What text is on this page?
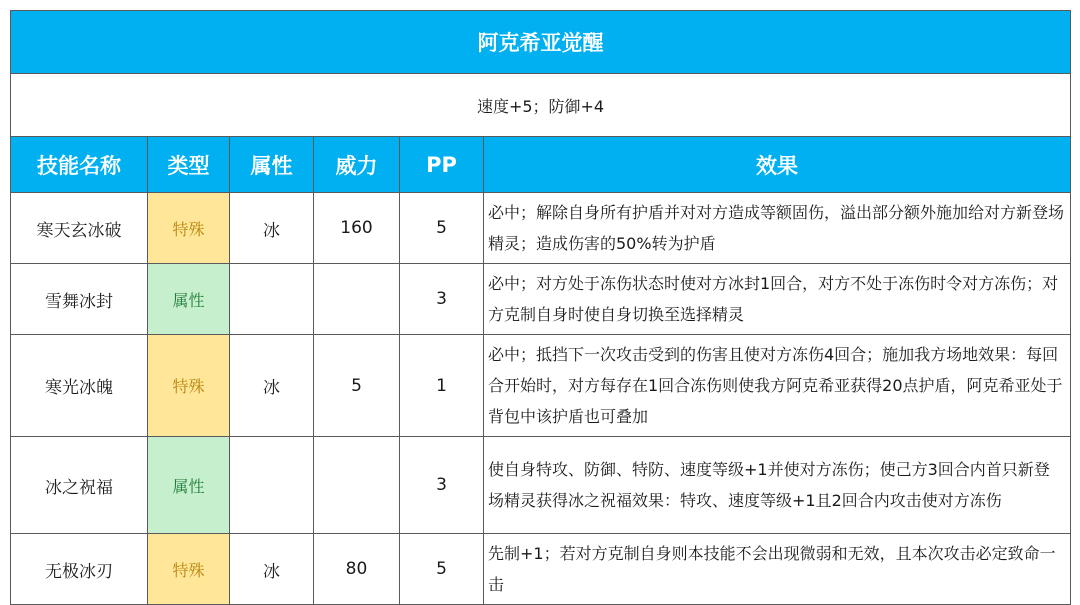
阿克希亚觉醒					
速度+5；防御+4					
技能名称	类型	属性	威力	PP	效果
寒天玄冰破	特殊	冰	160	5	必中；解除自身所有护盾并对对方造成等额固伤，溢出部分额外施加给对方新登场精灵；造成伤害的50%转为护盾
雪舞冰封	属性			3	必中；对方处于冻伤状态时使对方冰封1回合，对方不处于冻伤时令对方冻伤；对方克制自身时使自身切换至选择精灵
寒光冰魄	特殊	冰	5	1	必中；抵挡下一次攻击受到的伤害且使对方冻伤4回合；施加我方场地效果：每回合开始时，对方每存在1回合冻伤则使我方阿克希亚获得20点护盾，阿克希亚处于背包中该护盾也可叠加
冰之祝福	属性			3	使自身特攻、防御、特防、速度等级+1并使对方冻伤；使己方3回合内首只新登场精灵获得冰之祝福效果：特攻、速度等级+1且2回合内攻击使对方冻伤
无极冰刃	特殊	冰	80	5	先制+1；若对方克制自身则本技能不会出现微弱和无效，且本次攻击必定致命一击
